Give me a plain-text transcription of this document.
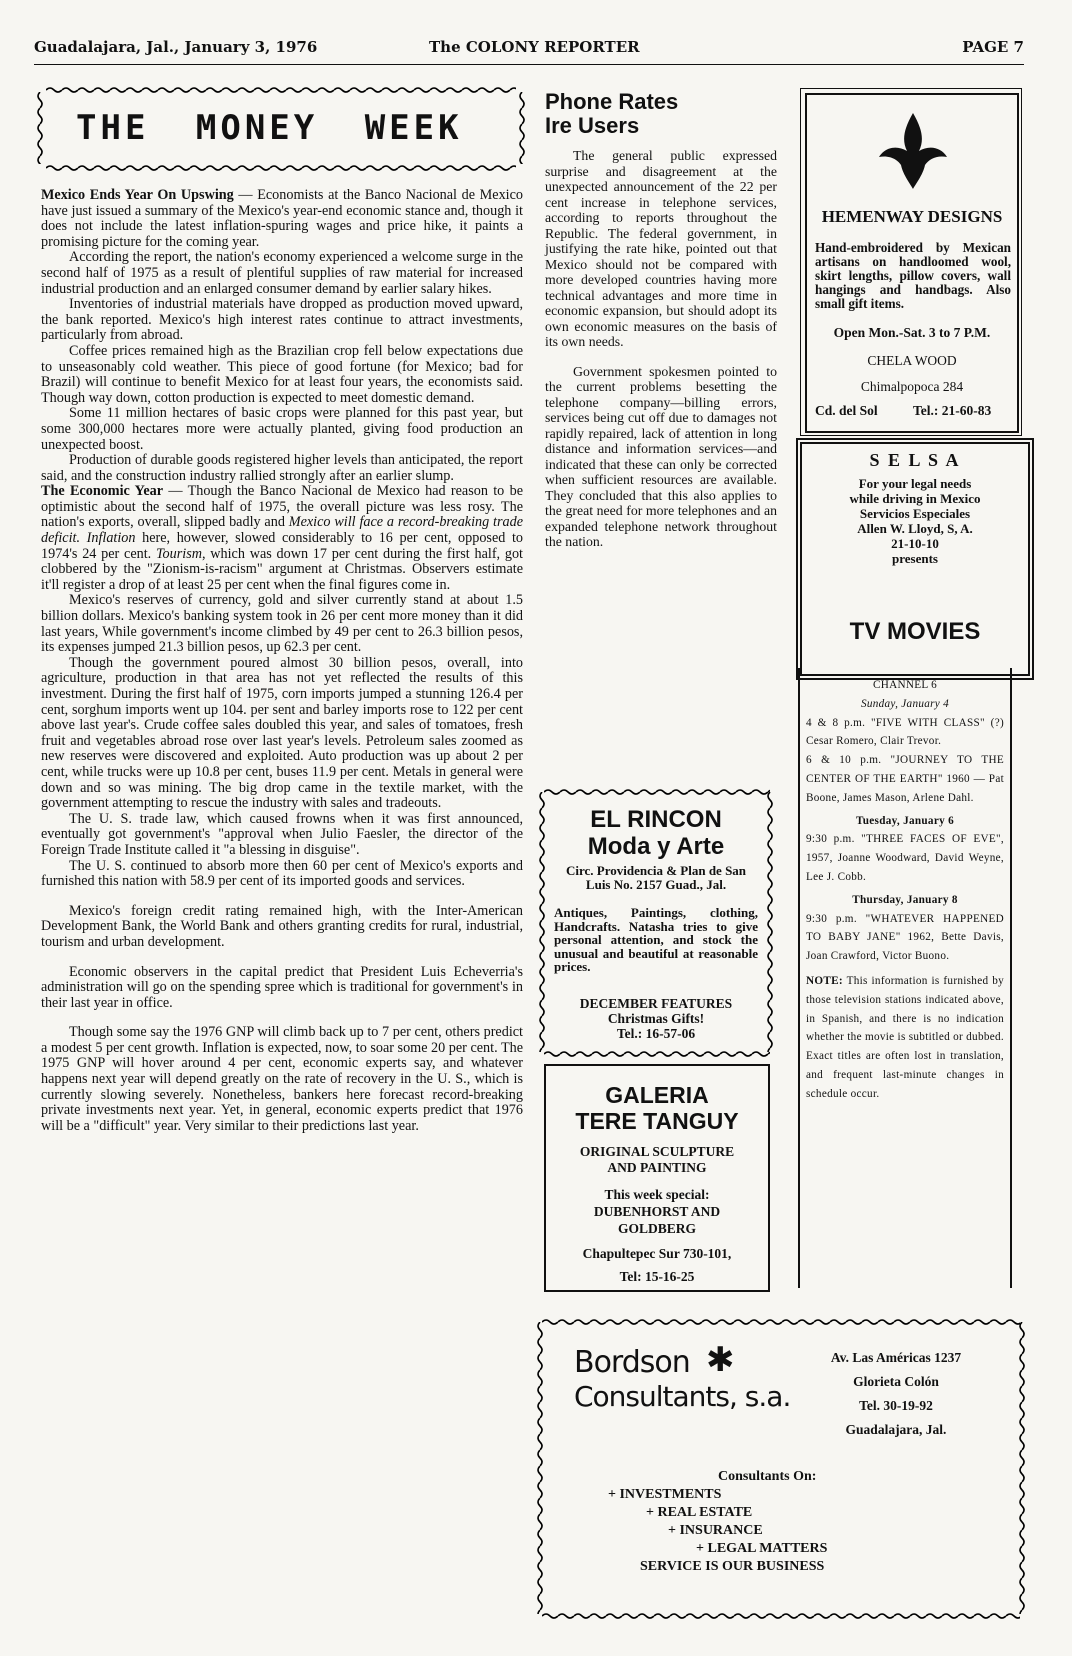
Guadalajara, Jal., January 3, 1976	The COLONY REPORTER	PAGE 7
THE MONEY WEEK

Mexico Ends Year On Upswing — Economists at the Banco Nacional de Mexico have just issued a summary of the Mexico's year-end economic stance and, though it does not include the latest inflation-spuring wages and price hike, it paints a promising picture for the coming year.

According the report, the nation's economy experienced a welcome surge in the second half of 1975 as a result of plentiful supplies of raw material for increased industrial production and an enlarged consumer demand by earlier salary hikes.

Inventories of industrial materials have dropped as production moved upward, the bank reported. Mexico's high interest rates continue to attract investments, particularly from abroad.

Coffee prices remained high as the Brazilian crop fell below expectations due to unseasonably cold weather. This piece of good fortune (for Mexico; bad for Brazil) will continue to benefit Mexico for at least four years, the economists said. Though way down, cotton production is expected to meet domestic demand.

Some 11 million hectares of basic crops were planned for this past year, but some 300,000 hectares more were actually planted, giving food production an unexpected boost.

Production of durable goods registered higher levels than anticipated, the report said, and the construction industry rallied strongly after an earlier slump.

The Economic Year — Though the Banco Nacional de Mexico had reason to be optimistic about the second half of 1975, the overall picture was less rosy. The nation's exports, overall, slipped badly and Mexico will face a record-breaking trade deficit. Inflation here, however, slowed considerably to 16 per cent, opposed to 1974's 24 per cent. Tourism, which was down 17 per cent during the first half, got clobbered by the "Zionism-is-racism" argument at Christmas. Observers estimate it'll register a drop of at least 25 per cent when the final figures come in.

Mexico's reserves of currency, gold and silver currently stand at about 1.5 billion dollars. Mexico's banking system took in 26 per cent more money than it did last years, While government's income climbed by 49 per cent to 26.3 billion pesos, its expenses jumped 21.3 billion pesos, up 62.3 per cent.

Though the government poured almost 30 billion pesos, overall, into agriculture, production in that area has not yet reflected the results of this investment. During the first half of 1975, corn imports jumped a stunning 126.4 per cent, sorghum imports went up 104. per sent and barley imports rose to 122 per cent above last year's. Crude coffee sales doubled this year, and sales of tomatoes, fresh fruit and vegetables abroad rose over last year's levels. Petroleum sales zoomed as new reserves were discovered and exploited. Auto production was up about 2 per cent, while trucks were up 10.8 per cent, buses 11.9 per cent. Metals in general were down and so was mining. The big drop came in the textile market, with the government attempting to rescue the industry with sales and tradeouts.

The U. S. trade law, which caused frowns when it was first announced, eventually got government's "approval when Julio Faesler, the director of the Foreign Trade Institute called it "a blessing in disguise".

The U. S. continued to absorb more then 60 per cent of Mexico's exports and furnished this nation with 58.9 per cent of its imported goods and services.

Mexico's foreign credit rating remained high, with the Inter-American Development Bank, the World Bank and others granting credits for rural, industrial, tourism and urban development.

Economic observers in the capital predict that President Luis Echeverria's administration will go on the spending spree which is traditional for government's in their last year in office.

Though some say the 1976 GNP will climb back up to 7 per cent, others predict a modest 5 per cent growth. Inflation is expected, now, to soar some 20 per cent. The 1975 GNP will hover around 4 per cent, economic experts say, and whatever happens next year will depend greatly on the rate of recovery in the U. S., which is currently slowing severely. Nonetheless, bankers here forecast record-breaking private investments next year. Yet, in general, economic experts predict that 1976 will be a "difficult" year. Very similar to their predictions last year.

Phone Rates
Ire Users

The general public expressed surprise and disagreement at the unexpected announcement of the 22 per cent increase in telephone services, according to reports throughout the Republic. The federal government, in justifying the rate hike, pointed out that Mexico should not be compared with more developed countries having more technical advantages and more time in economic expansion, but should adopt its own economic measures on the basis of its own needs.

Government spokesmen pointed to the current problems besetting the telephone company—billing errors, services being cut off due to damages not rapidly repaired, lack of attention in long distance and information services—and indicated that these can only be corrected when sufficient resources are available. They concluded that this also applies to the great need for more telephones and an expanded telephone network throughout the nation.

HEMENWAY DESIGNS
Hand-embroidered by Mexican artisans on handloomed wool, skirt lengths, pillow covers, wall hangings and handbags. Also small gift items.
Open Mon.-Sat. 3 to 7 P.M.
CHELA WOOD
Chimalpopoca 284
Cd. del Sol	Tel.: 21-60-83
S E L S A
For your legal needs
while driving in Mexico
Servicios Especiales
Allen W. Lloyd, S, A.
21-10-10
presents
TV MOVIES
CHANNEL 6
Sunday, January 4

4 & 8 p.m. "FIVE WITH CLASS" (?) Cesar Romero, Clair Trevor.

6 & 10 p.m. "JOURNEY TO THE CENTER OF THE EARTH" 1960 — Pat Boone, James Mason, Arlene Dahl.

Tuesday, January 6

9:30 p.m. "THREE FACES OF EVE", 1957, Joanne Woodward, David Weyne, Lee J. Cobb.

Thursday, January 8

9:30 p.m. "WHATEVER HAPPENED TO BABY JANE" 1962, Bette Davis, Joan Crawford, Victor Buono.

NOTE: This information is furnished by those television stations indicated above, in Spanish, and there is no indication whether the movie is subtitled or dubbed. Exact titles are often lost in translation, and frequent last-minute changes in schedule occur.

EL RINCON
Moda y Arte
Circ. Providencia & Plan de San Luis No. 2157 Guad., Jal.
Antiques, Paintings, clothing, Handcrafts. Natasha tries to give personal attention, and stock the unusual and beautiful at reasonable prices.
DECEMBER FEATURES
Christmas Gifts!
Tel.: 16-57-06
GALERIA
TERE TANGUY
ORIGINAL SCULPTURE
AND PAINTING
This week special:
DUBENHORST AND
GOLDBERG
Chapultepec Sur 730-101,
Tel: 15-16-25
Bordson
Consultants, s.a.
✱	Av. Las Américas 1237
Glorieta Colón
Tel. 30-19-92
Guadalajara, Jal.
Consultants On:
+ INVESTMENTS
+ REAL ESTATE
+ INSURANCE
+ LEGAL MATTERS
SERVICE IS OUR BUSINESS
